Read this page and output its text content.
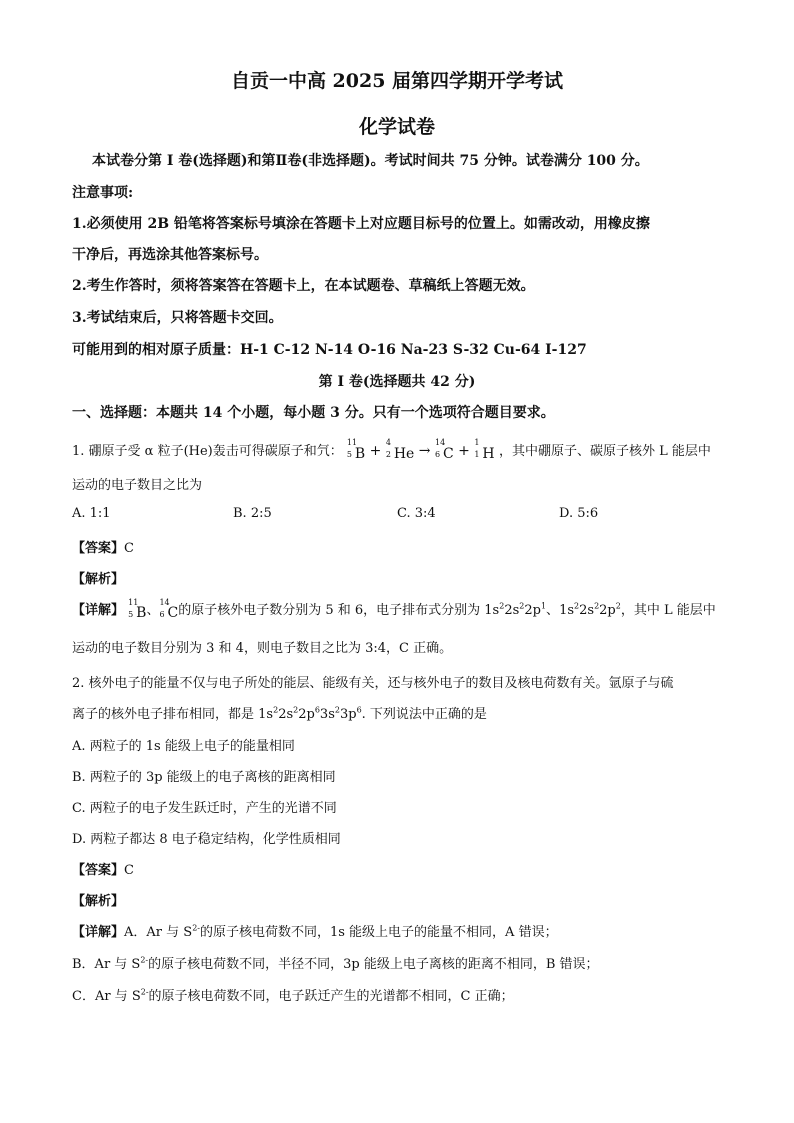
自贡一中高 2025 届第四学期开学考试
化学试卷
本试卷分第 I 卷(选择题)和第Ⅱ卷(非选择题)。考试时间共 75 分钟。试卷满分 100 分。
注意事项:
1.必须使用 2B 铅笔将答案标号填涂在答题卡上对应题目标号的位置上。如需改动，用橡皮擦
干净后，再选涂其他答案标号。
2.考生作答时，须将答案答在答题卡上，在本试题卷、草稿纸上答题无效。
3.考试结束后，只将答题卡交回。
可能用到的相对原子质量：H-1 C-12 N-14 O-16 Na-23 S-32 Cu-64 I-127
第 I 卷(选择题共 42 分)
一、选择题：本题共 14 个小题，每小题 3 分。只有一个选项符合题目要求。
1. 硼原子受 α 粒子(He)轰击可得碳原子和氕：
11
5 B +
4
2 He →
14
6 C +
1
1 H ，其中硼原子、碳原子核外 L 能层中
运动的电子数目之比为
A. 1:1	B. 2:5	C. 3:4	D. 5:6
【答案】C
【解析】
【详解】
11
5 B、
14
6 C的原子核外电子数分别为 5 和 6，电子排布式分别为 $1s^22s^22p^1$、$1s^22s^22p^2$，其中 L 能层中
运动的电子数目分别为 3 和 4，则电子数目之比为 3:4，C 正确。
2. 核外电子的能量不仅与电子所处的能层、能级有关，还与核外电子的数目及核电荷数有关。氩原子与硫
离子的核外电子排布相同，都是 $1s^22s^22p^63s^23p^6$. 下列说法中正确的是
A. 两粒子的 1s 能级上电子的能量相同
B. 两粒子的 3p 能级上的电子离核的距离相同
C. 两粒子的电子发生跃迁时，产生的光谱不同
D. 两粒子都达 8 电子稳定结构，化学性质相同
【答案】C
【解析】
【详解】A．Ar 与 $S^{2-}$的原子核电荷数不同，1s 能级上电子的能量不相同，A 错误；
B．Ar 与 $S^{2-}$的原子核电荷数不同，半径不同，3p 能级上电子离核的距离不相同，B 错误；
C．Ar 与 $S^{2-}$的原子核电荷数不同，电子跃迁产生的光谱都不相同，C 正确；
